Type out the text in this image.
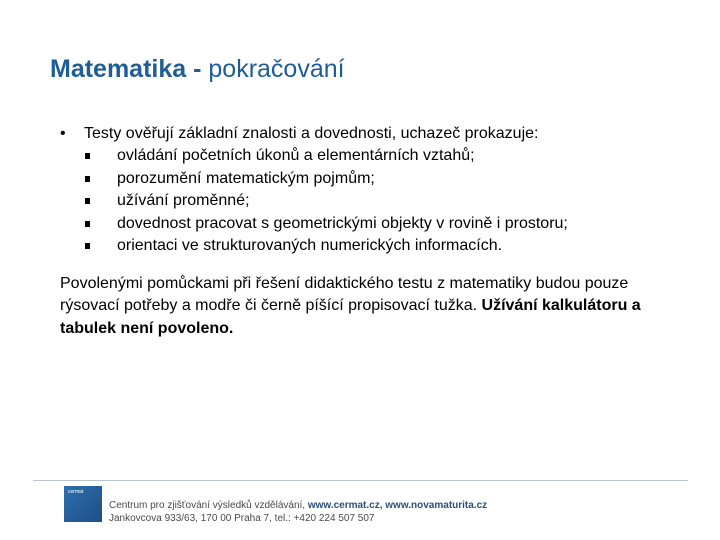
Matematika - pokračování
• Testy ověřují základní znalosti a dovednosti, uchazeč prokazuje:
ovládání početních úkonů a elementárních vztahů;
porozumění matematickým pojmům;
užívání proměnné;
dovednost pracovat s geometrickými objekty v rovině i prostoru;
orientaci ve strukturovaných numerických informacích.
Povolenými pomůckami při řešení didaktického testu z matematiky budou pouze rýsovací potřeby a modře či černě píšící propisovací tužka. Užívání kalkulátoru a tabulek není povoleno.
cermat
Centrum pro zjišťování výsledků vzdělávání, www.cermat.cz, www.novamaturita.cz
Jankovcova 933/63, 170 00 Praha 7, tel.: +420 224 507 507
